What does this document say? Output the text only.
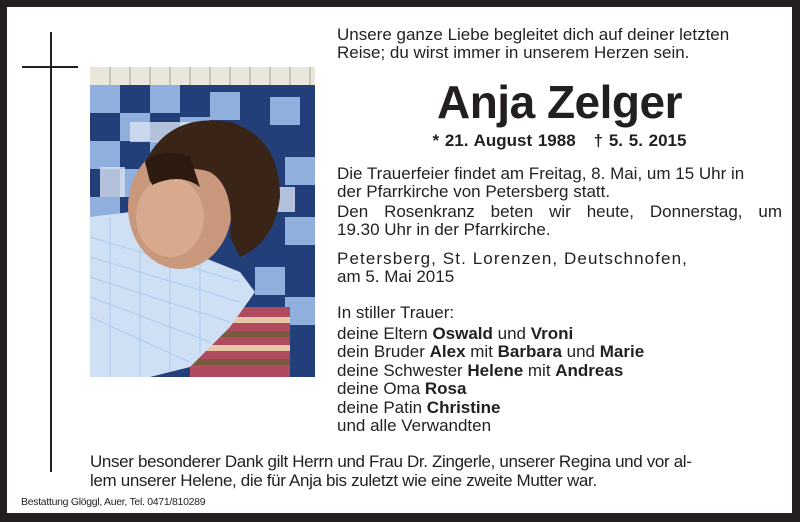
Unsere ganze Liebe begleitet dich auf deiner letzten
Reise; du wirst immer in unserem Herzen sein.
Anja Zelger
* 21. August 1988 † 5. 5. 2015
Die Trauerfeier findet am Freitag, 8. Mai, um 15 Uhr in
der Pfarrkirche von Petersberg statt.
Den Rosenkranz beten wir heute, Donnerstag, um
19.30 Uhr in der Pfarrkirche.
Petersberg, St. Lorenzen, Deutschnofen,
am 5. Mai 2015
In stiller Trauer:
deine Eltern Oswald und Vroni
dein Bruder Alex mit Barbara und Marie
deine Schwester Helene mit Andreas
deine Oma Rosa
deine Patin Christine
und alle Verwandten
Unser besonderer Dank gilt Herrn und Frau Dr. Zingerle, unserer Regina und vor al-
lem unserer Helene, die für Anja bis zuletzt wie eine zweite Mutter war.
Bestattung Glöggl, Auer, Tel. 0471/810289
